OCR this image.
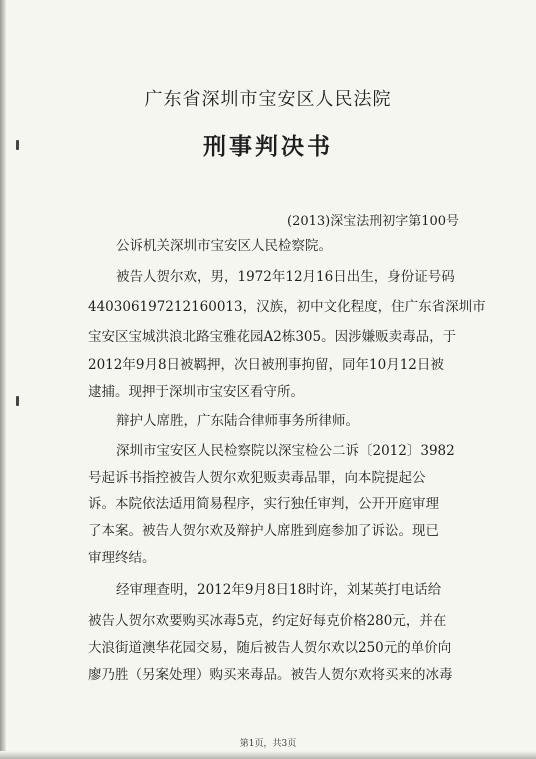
广东省深圳市宝安区人民法院
刑事判决书
(2013)深宝法刑初字第100号
公诉机关深圳市宝安区人民检察院。
被告人贺尔欢，男，1972年12月16日出生，身份证号码
440306197212160013，汉族，初中文化程度，住广东省深圳市
宝安区宝城洪浪北路宝雅花园A2栋305。因涉嫌贩卖毒品，于
2012年9月8日被羁押，次日被刑事拘留，同年10月12日被
逮捕。现押于深圳市宝安区看守所。
辩护人席胜，广东陆合律师事务所律师。
深圳市宝安区人民检察院以深宝检公二诉〔2012〕3982
号起诉书指控被告人贺尔欢犯贩卖毒品罪，向本院提起公
诉。本院依法适用简易程序，实行独任审判，公开开庭审理
了本案。被告人贺尔欢及辩护人席胜到庭参加了诉讼。现已
审理终结。
经审理查明，2012年9月8日18时许，刘某英打电话给
被告人贺尔欢要购买冰毒5克，约定好每克价格280元，并在
大浪街道澳华花园交易，随后被告人贺尔欢以250元的单价向
廖乃胜（另案处理）购买来毒品。被告人贺尔欢将买来的冰毒
第1页，共3页
